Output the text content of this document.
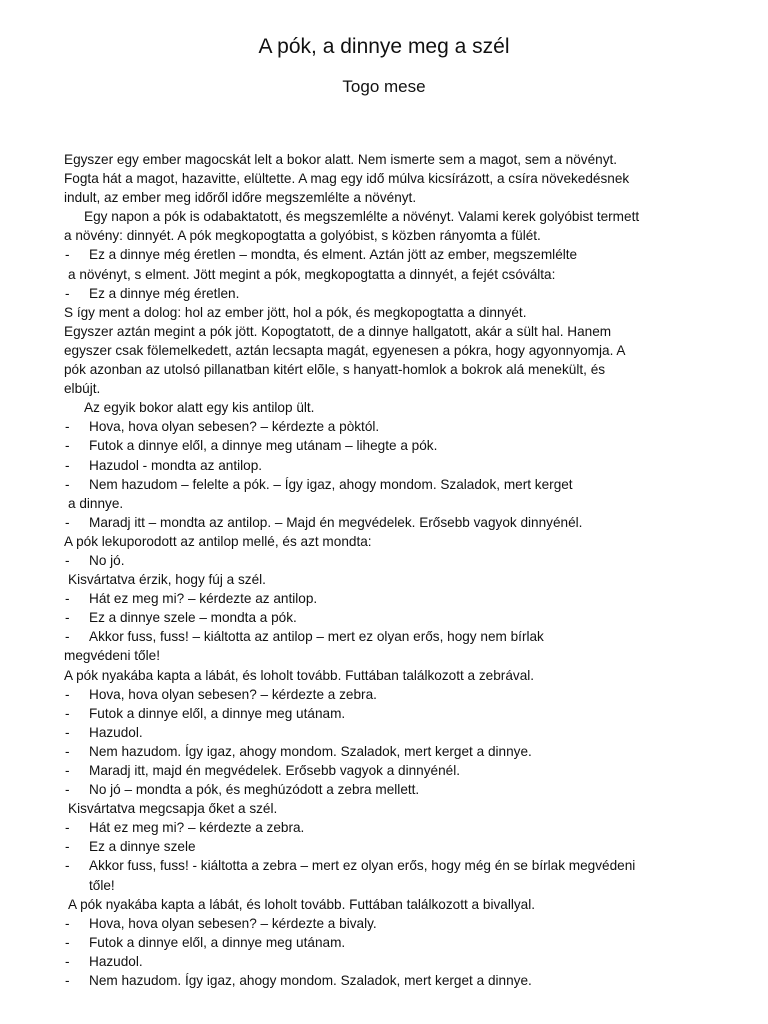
A pók, a dinnye meg a szél
Togo mese
Egyszer egy ember magocskát lelt a bokor alatt. Nem ismerte sem a magot, sem a növényt.
Fogta hát a magot, hazavitte, elültette. A mag egy idő múlva kicsírázott, a csíra növekedésnek
indult, az ember meg időről időre megszemlélte a növényt.
Egy napon a pók is odabaktatott, és megszemlélte a növényt. Valami kerek golyóbist termett
a növény: dinnyét. A pók megkopogtatta a golyóbist, s közben rányomta a fülét.
- Ez a dinnye még éretlen – mondta, és elment. Aztán jött az ember, megszemlélte
a növényt, s elment. Jött megint a pók, megkopogtatta a dinnyét, a fejét csóválta:
- Ez a dinnye még éretlen.
S így ment a dolog: hol az ember jött, hol a pók, és megkopogtatta a dinnyét.
Egyszer aztán megint a pók jött. Kopogtatott, de a dinnye hallgatott, akár a sült hal. Hanem
egyszer csak fölemelkedett, aztán lecsapta magát, egyenesen a pókra, hogy agyonnyomja. A
pók azonban az utolsó pillanatban kitért elõle, s hanyatt-homlok a bokrok alá menekült, és
elbújt.
Az egyik bokor alatt egy kis antilop ült.
- Hova, hova olyan sebesen? – kérdezte a pòktól.
- Futok a dinnye elől, a dinnye meg utánam – lihegte a pók.
- Hazudol - mondta az antilop.
- Nem hazudom – felelte a pók. – Így igaz, ahogy mondom. Szaladok, mert kerget
a dinnye.
- Maradj itt – mondta az antilop. – Majd én megvédelek. Erősebb vagyok dinnyénél.
A pók lekuporodott az antilop mellé, és azt mondta:
- No jó.
Kisvártatva érzik, hogy fúj a szél.
- Hát ez meg mi? – kérdezte az antilop.
- Ez a dinnye szele – mondta a pók.
- Akkor fuss, fuss! – kiáltotta az antilop – mert ez olyan erős, hogy nem bírlak
megvédeni tőle!
A pók nyakába kapta a lábát, és loholt tovább. Futtában találkozott a zebrával.
- Hova, hova olyan sebesen? – kérdezte a zebra.
- Futok a dinnye elől, a dinnye meg utánam.
- Hazudol.
- Nem hazudom. Így igaz, ahogy mondom. Szaladok, mert kerget a dinnye.
- Maradj itt, majd én megvédelek. Erősebb vagyok a dinnyénél.
- No jó – mondta a pók, és meghúzódott a zebra mellett.
Kisvártatva megcsapja őket a szél.
- Hát ez meg mi? – kérdezte a zebra.
- Ez a dinnye szele
- Akkor fuss, fuss! - kiáltotta a zebra – mert ez olyan erős, hogy még én se bírlak megvédeni
tőle!
A pók nyakába kapta a lábát, és loholt tovább. Futtában találkozott a bivallyal.
- Hova, hova olyan sebesen? – kérdezte a bivaly.
- Futok a dinnye elől, a dinnye meg utánam.
- Hazudol.
- Nem hazudom. Így igaz, ahogy mondom. Szaladok, mert kerget a dinnye.
